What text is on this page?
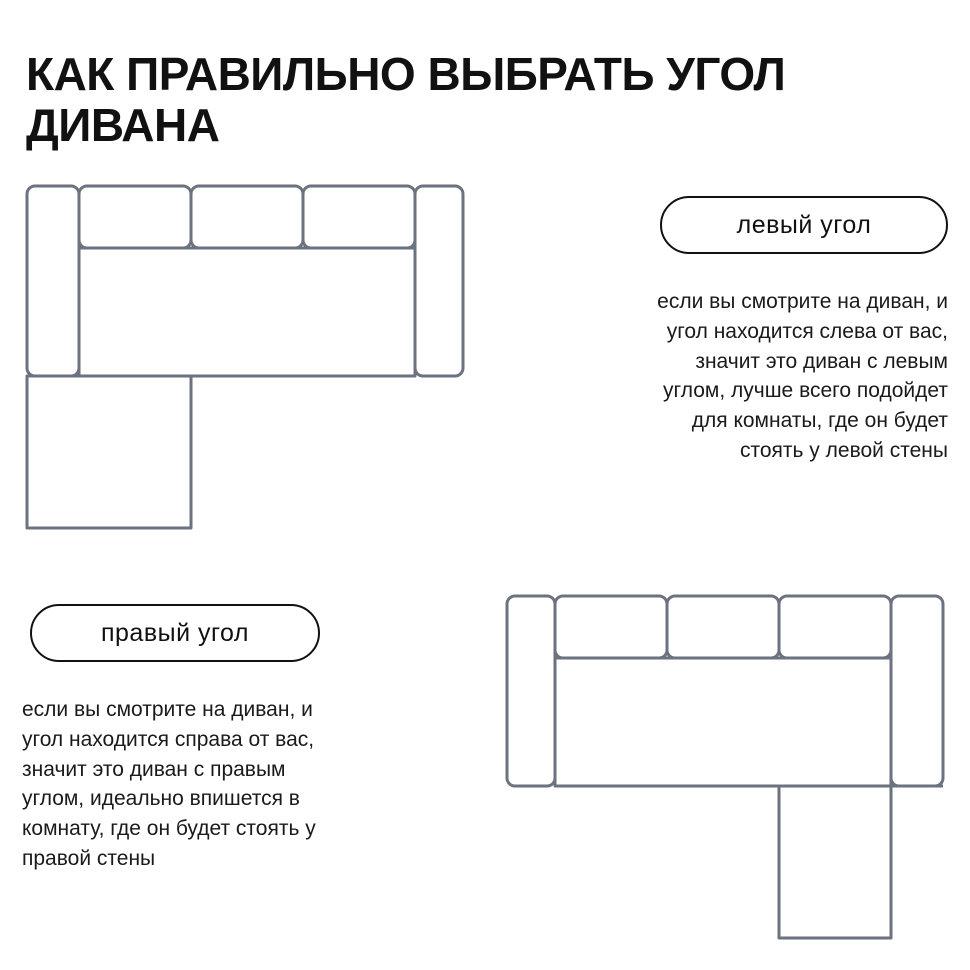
КАК ПРАВИЛЬНО ВЫБРАТЬ УГОЛ ДИВАНА
левый угол

если вы смотрите на диван, и угол находится слева от вас, значит это диван с левым углом, лучше всего подойдет для комнаты, где он будет стоять у левой стены

правый угол

если вы смотрите на диван, и угол находится справа от вас, значит это диван с правым углом, идеально впишется в комнату, где он будет стоять у правой стены
